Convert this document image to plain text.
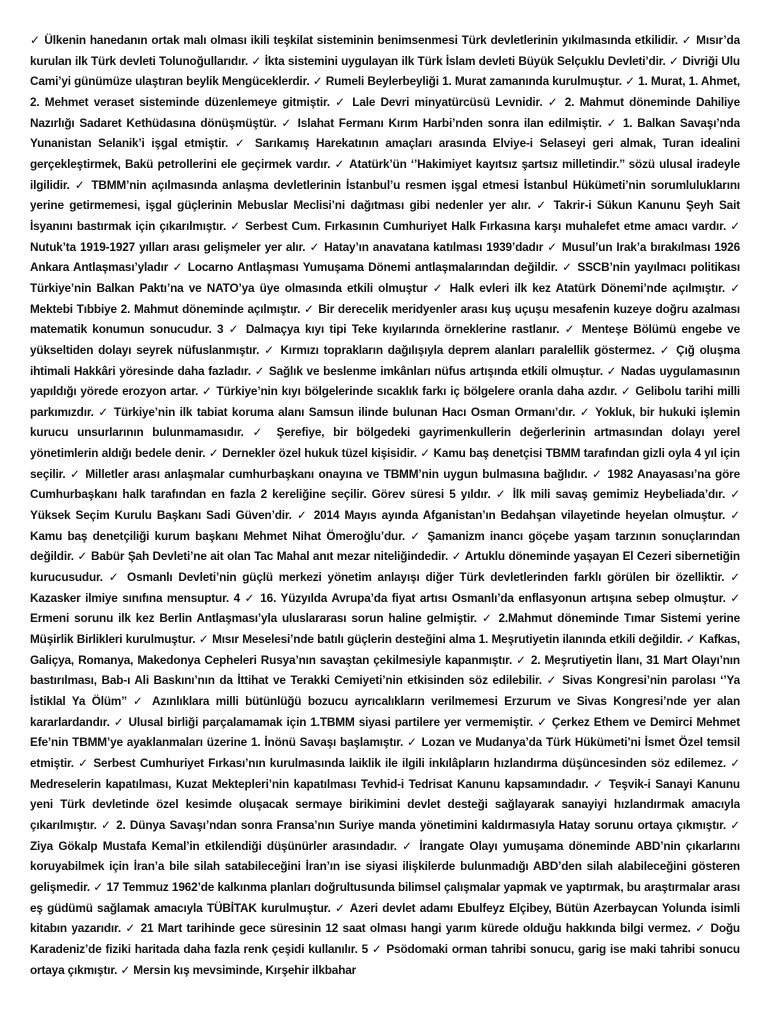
✓ Ülkenin hanedanın ortak malı olması ikili teşkilat sisteminin benimsenmesi Türk devletlerinin yıkılmasında etkilidir. ✓ Mısır’da kurulan ilk Türk devleti Tolunoğullarıdır. ✓ İkta sistemini uygulayan ilk Türk İslam devleti Büyük Selçuklu Devleti’dir. ✓ Divriği Ulu Cami’yi günümüze ulaştıran beylik Mengüceklerdir. ✓ Rumeli Beylerbeyliği 1. Murat zamanında kurulmuştur. ✓ 1. Murat, 1. Ahmet, 2. Mehmet veraset sisteminde düzenlemeye gitmiştir. ✓ Lale Devri minyatürcüsü Levnidir. ✓ 2. Mahmut döneminde Dahiliye Nazırlığı Sadaret Kethüdasına dönüşmüştür. ✓ Islahat Fermanı Kırım Harbi’nden sonra ilan edilmiştir. ✓ 1. Balkan Savaşı’nda Yunanistan Selanik’i işgal etmiştir. ✓ Sarıkamış Harekatının amaçları arasında Elviye-i Selaseyi geri almak, Turan idealini gerçekleştirmek, Bakü petrollerini ele geçirmek vardır. ✓ Atatürk’ün ‘’Hakimiyet kayıtsız şartsız milletindir.’’ sözü ulusal iradeyle ilgilidir. ✓ TBMM’nin açılmasında anlaşma devletlerinin İstanbul’u resmen işgal etmesi İstanbul Hükümeti’nin sorumluluklarını yerine getirmemesi, işgal güçlerinin Mebuslar Meclisi’ni dağıtması gibi nedenler yer alır. ✓ Takrir-i Sükun Kanunu Şeyh Sait İsyanını bastırmak için çıkarılmıştır. ✓ Serbest Cum. Fırkasının Cumhuriyet Halk Fırkasına karşı muhalefet etme amacı vardır. ✓ Nutuk’ta 1919-1927 yılları arası gelişmeler yer alır. ✓ Hatay’ın anavatana katılması 1939’dadır ✓ Musul’un Irak’a bırakılması 1926 Ankara Antlaşması’yladır ✓ Locarno Antlaşması Yumuşama Dönemi antlaşmalarından değildir. ✓ SSCB’nin yayılmacı politikası Türkiye’nin Balkan Paktı’na ve NATO’ya üye olmasında etkili olmuştur ✓ Halk evleri ilk kez Atatürk Dönemi’nde açılmıştır. ✓ Mektebi Tıbbiye 2. Mahmut döneminde açılmıştır. ✓ Bir derecelik meridyenler arası kuş uçuşu mesafenin kuzeye doğru azalması matematik konumun sonucudur. 3 ✓ Dalmaçya kıyı tipi Teke kıyılarında örneklerine rastlanır. ✓ Menteşe Bölümü engebe ve yükseltiden dolayı seyrek nüfuslanmıştır. ✓ Kırmızı toprakların dağılışıyla deprem alanları paralellik göstermez. ✓ Çığ oluşma ihtimali Hakkâri yöresinde daha fazladır. ✓ Sağlık ve beslenme imkânları nüfus artışında etkili olmuştur. ✓ Nadas uygulamasının yapıldığı yörede erozyon artar. ✓ Türkiye’nin kıyı bölgelerinde sıcaklık farkı iç bölgelere oranla daha azdır. ✓ Gelibolu tarihi milli parkımızdır. ✓ Türkiye’nin ilk tabiat koruma alanı Samsun ilinde bulunan Hacı Osman Ormanı’dır. ✓ Yokluk, bir hukuki işlemin kurucu unsurlarının bulunmamasıdır. ✓ Şerefiye, bir bölgedeki gayrimenkullerin değerlerinin artmasından dolayı yerel yönetimlerin aldığı bedele denir. ✓ Dernekler özel hukuk tüzel kişisidir. ✓ Kamu baş denetçisi TBMM tarafından gizli oyla 4 yıl için seçilir. ✓ Milletler arası anlaşmalar cumhurbaşkanı onayına ve TBMM’nin uygun bulmasına bağlıdır. ✓ 1982 Anayasası’na göre Cumhurbaşkanı halk tarafından en fazla 2 kereliğine seçilir. Görev süresi 5 yıldır. ✓ İlk mili savaş gemimiz Heybeliada’dır. ✓ Yüksek Seçim Kurulu Başkanı Sadi Güven’dir. ✓ 2014 Mayıs ayında Afganistan’ın Bedahşan vilayetinde heyelan olmuştur. ✓ Kamu baş denetçiliği kurum başkanı Mehmet Nihat Ömeroğlu’dur. ✓ Şamanizm inancı göçebe yaşam tarzının sonuçlarından değildir. ✓ Babür Şah Devleti’ne ait olan Tac Mahal anıt mezar niteliğindedir. ✓ Artuklu döneminde yaşayan El Cezeri sibernetiğin kurucusudur. ✓ Osmanlı Devleti’nin güçlü merkezi yönetim anlayışı diğer Türk devletlerinden farklı görülen bir özelliktir. ✓ Kazasker ilmiye sınıfına mensuptur. 4 ✓ 16. Yüzyılda Avrupa’da fiyat artısı Osmanlı’da enflasyonun artışına sebep olmuştur. ✓ Ermeni sorunu ilk kez Berlin Antlaşması’yla uluslararası sorun haline gelmiştir. ✓ 2.Mahmut döneminde Tımar Sistemi yerine Müşirlik Birlikleri kurulmuştur. ✓ Mısır Meselesi’nde batılı güçlerin desteğini alma 1. Meşrutiyetin ilanında etkili değildir. ✓ Kafkas, Galiçya, Romanya, Makedonya Cepheleri Rusya’nın savaştan çekilmesiyle kapanmıştır. ✓ 2. Meşrutiyetin İlanı, 31 Mart Olayı’nın bastırılması, Bab-ı Ali Baskını’nın da İttihat ve Terakki Cemiyeti’nin etkisinden söz edilebilir. ✓ Sivas Kongresi’nin parolası ‘’Ya İstiklal Ya Ölüm’’ ✓ Azınlıklara milli bütünlüğü bozucu ayrıcalıkların verilmemesi Erzurum ve Sivas Kongresi’nde yer alan kararlardandır. ✓ Ulusal birliği parçalamamak için 1.TBMM siyasi partilere yer vermemiştir. ✓ Çerkez Ethem ve Demirci Mehmet Efe’nin TBMM’ye ayaklanmaları üzerine 1. İnönü Savaşı başlamıştır. ✓ Lozan ve Mudanya’da Türk Hükümeti’ni İsmet Özel temsil etmiştir. ✓ Serbest Cumhuriyet Fırkası’nın kurulmasında laiklik ile ilgili inkılâpların hızlandırma düşüncesinden söz edilemez. ✓ Medreselerin kapatılması, Kuzat Mektepleri’nin kapatılması Tevhid-i Tedrisat Kanunu kapsamındadır. ✓ Teşvik-i Sanayi Kanunu yeni Türk devletinde özel kesimde oluşacak sermaye birikimini devlet desteği sağlayarak sanayiyi hızlandırmak amacıyla çıkarılmıştır. ✓ 2. Dünya Savaşı’ndan sonra Fransa’nın Suriye manda yönetimini kaldırmasıyla Hatay sorunu ortaya çıkmıştır. ✓ Ziya Gökalp Mustafa Kemal’in etkilendiği düşünürler arasındadır. ✓ İrangate Olayı yumuşama döneminde ABD’nin çıkarlarını koruyabilmek için İran’a bile silah satabileceğini İran’ın ise siyasi ilişkilerde bulunmadığı ABD’den silah alabileceğini gösteren gelişmedir. ✓ 17 Temmuz 1962’de kalkınma planları doğrultusunda bilimsel çalışmalar yapmak ve yaptırmak, bu araştırmalar arası eş güdümü sağlamak amacıyla TÜBİTAK kurulmuştur. ✓ Azeri devlet adamı Ebulfeyz Elçibey, Bütün Azerbaycan Yolunda isimli kitabın yazarıdır. ✓ 21 Mart tarihinde gece süresinin 12 saat olması hangi yarım kürede olduğu hakkında bilgi vermez. ✓ Doğu Karadeniz’de fiziki haritada daha fazla renk çeşidi kullanılır. 5 ✓ Psödomaki orman tahribi sonucu, garig ise maki tahribi sonucu ortaya çıkmıştır. ✓ Mersin kış mevsiminde, Kırşehir ilkbahar
